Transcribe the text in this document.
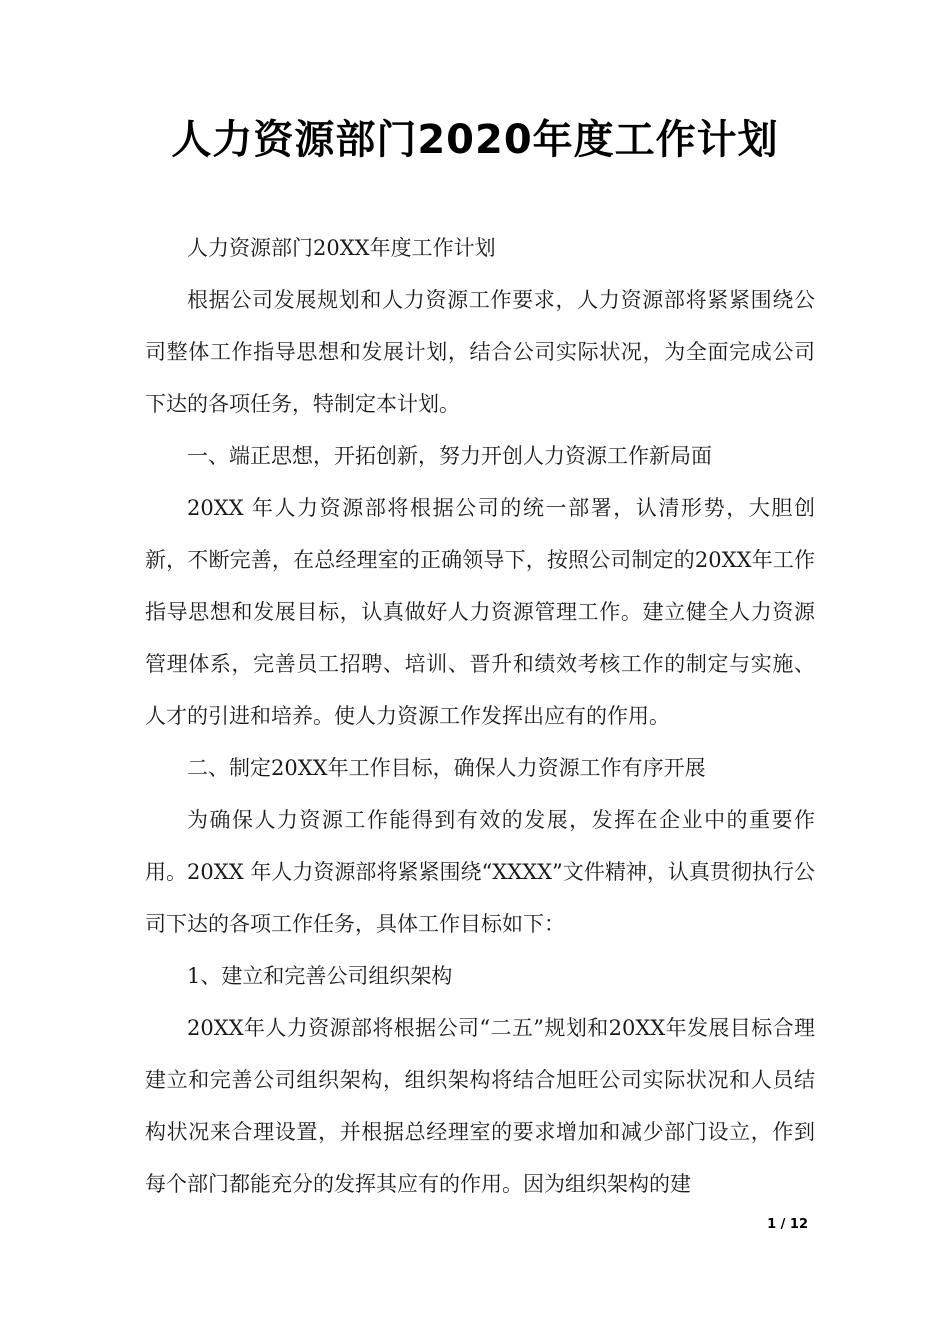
人力资源部门2020年度工作计划

人力资源部门20XX年度工作计划

根据公司发展规划和人力资源工作要求，人力资源部将紧紧围绕公司整体工作指导思想和发展计划，结合公司实际状况，为全面完成公司下达的各项任务，特制定本计划。

一、端正思想，开拓创新，努力开创人力资源工作新局面

20XX 年人力资源部将根据公司的统一部署，认清形势，大胆创新，不断完善，在总经理室的正确领导下，按照公司制定的20XX年工作指导思想和发展目标，认真做好人力资源管理工作。建立健全人力资源管理体系，完善员工招聘、培训、晋升和绩效考核工作的制定与实施、人才的引进和培养。使人力资源工作发挥出应有的作用。

二、制定20XX年工作目标，确保人力资源工作有序开展

为确保人力资源工作能得到有效的发展，发挥在企业中的重要作用。20XX 年人力资源部将紧紧围绕“XXXX”文件精神，认真贯彻执行公司下达的各项工作任务，具体工作目标如下：

1、建立和完善公司组织架构

20XX年人力资源部将根据公司“二五”规划和20XX年发展目标合理建立和完善公司组织架构，组织架构将结合旭旺公司实际状况和人员结构状况来合理设置，并根据总经理室的要求增加和减少部门设立，作到每个部门都能充分的发挥其应有的作用。因为组织架构的建

1 / 12
